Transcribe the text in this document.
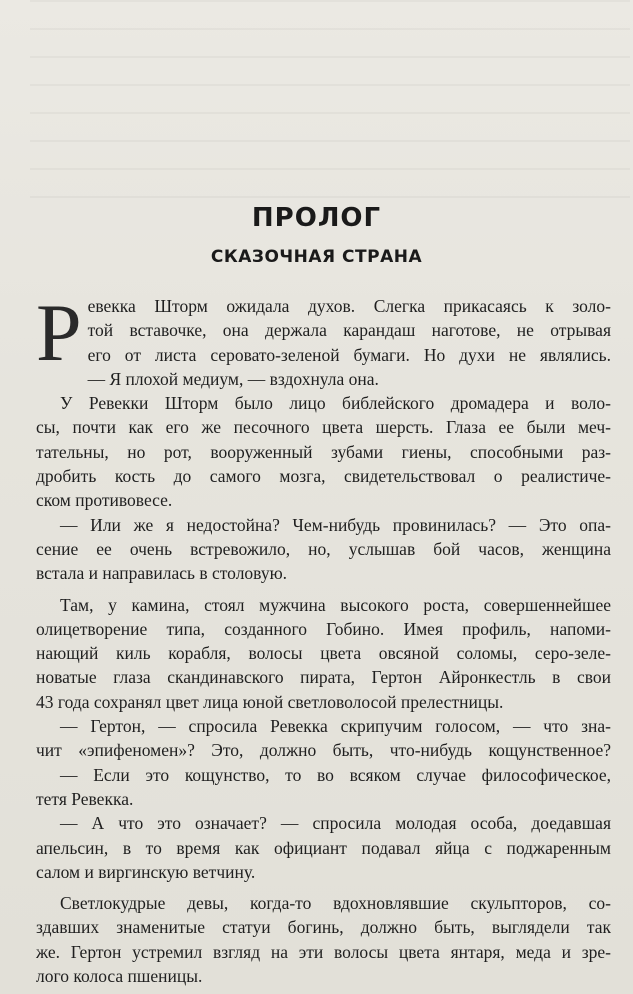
ПРОЛОГ
СКАЗОЧНАЯ СТРАНА
Р евекка Шторм ожидала духов. Слегка прикасаясь к золо-
той вставочке, она держала карандаш наготове, не отрывая
его от листа серовато-зеленой бумаги. Но духи не являлись.
— Я плохой медиум, — вздохнула она.
У Ревекки Шторм было лицо библейского дромадера и воло-
сы, почти как его же песочного цвета шерсть. Глаза ее были меч-
тательны, но рот, вооруженный зубами гиены, способными раз-
дробить кость до самого мозга, свидетельствовал о реалистиче-
ском противовесе.
— Или же я недостойна? Чем-нибудь провинилась? — Это опа-
сение ее очень встревожило, но, услышав бой часов, женщина
встала и направилась в столовую.
Там, у камина, стоял мужчина высокого роста, совершеннейшее
олицетворение типа, созданного Гобино. Имея профиль, напоми-
нающий киль корабля, волосы цвета овсяной соломы, серо-зеле-
новатые глаза скандинавского пирата, Гертон Айронкестль в свои
43 года сохранял цвет лица юной светловолосой прелестницы.
— Гертон, — спросила Ревекка скрипучим голосом, — что зна-
чит «эпифеномен»? Это, должно быть, что-нибудь кощунственное?
— Если это кощунство, то во всяком случае философическое,
тетя Ревекка.
— А что это означает? — спросила молодая особа, доедавшая
апельсин, в то время как официант подавал яйца с поджаренным
салом и виргинскую ветчину.
Светлокудрые девы, когда-то вдохновлявшие скульпторов, со-
здавших знаменитые статуи богинь, должно быть, выглядели так
же. Гертон устремил взгляд на эти волосы цвета янтаря, меда и зре-
лого колоса пшеницы.
